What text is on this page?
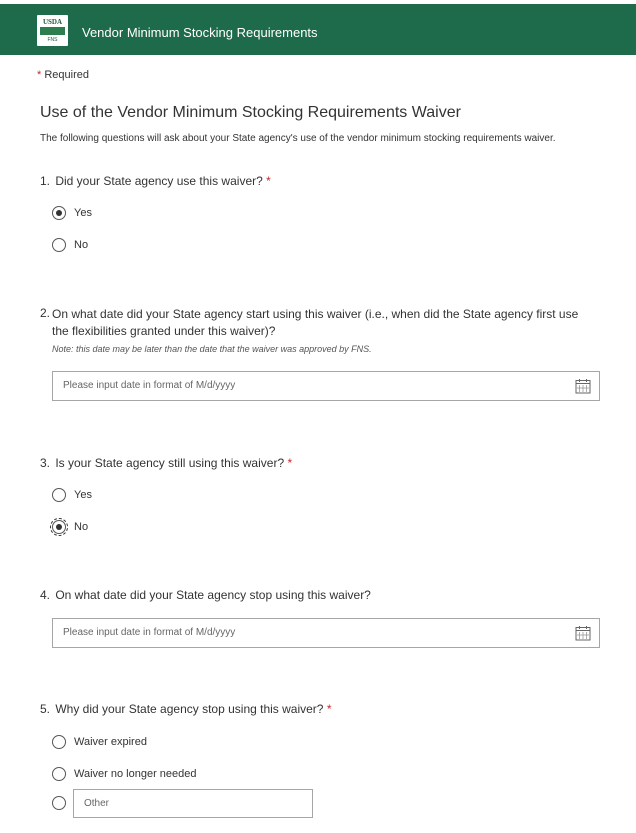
USDA
FNS	Vendor Minimum Stocking Requirements
* Required
Use of the Vendor Minimum Stocking Requirements Waiver
The following questions will ask about your State agency's use of the vendor minimum stocking requirements waiver.
1. Did your State agency use this waiver? *
Yes
No
2. On what date did your State agency start using this waiver (i.e., when did the State agency first use the flexibilities granted under this waiver)?
Note: this date may be later than the date that the waiver was approved by FNS.
Please input date in format of M/d/yyyy
3. Is your State agency still using this waiver? *
Yes
No
4. On what date did your State agency stop using this waiver?
Please input date in format of M/d/yyyy
5. Why did your State agency stop using this waiver? *
Waiver expired
Waiver no longer needed
Other
